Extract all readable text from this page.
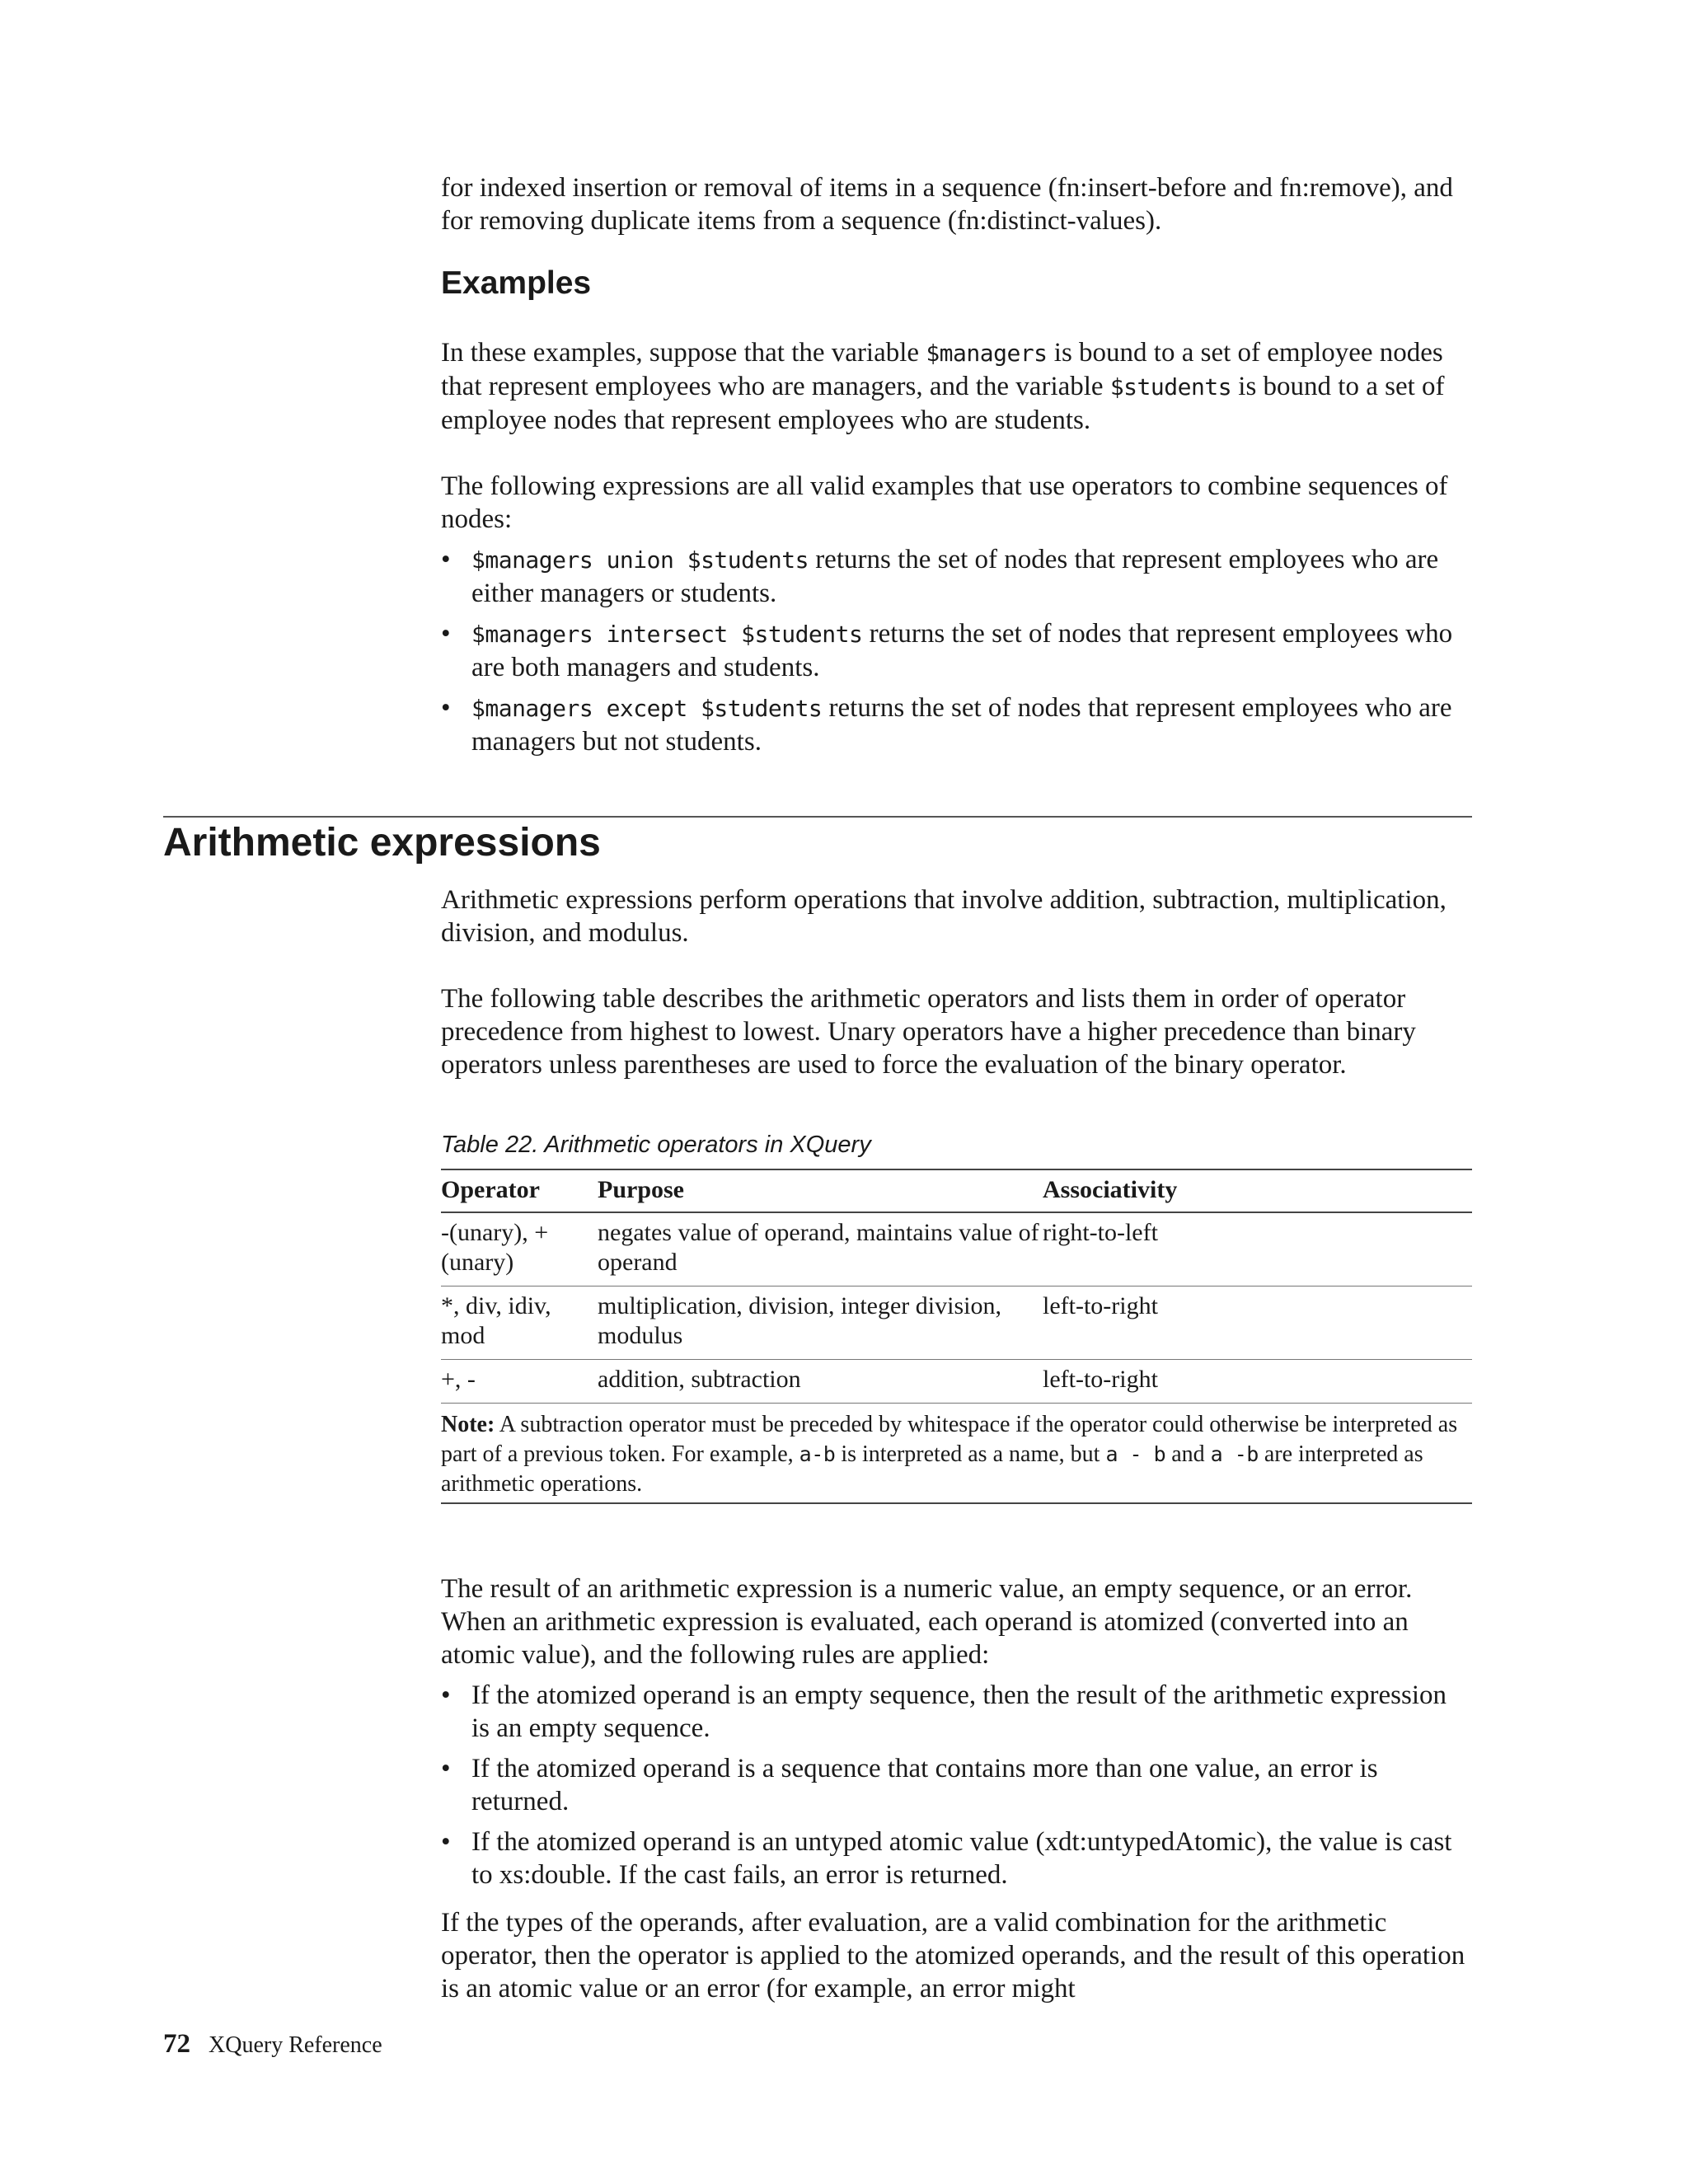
for indexed insertion or removal of items in a sequence (fn:insert-before and fn:remove), and for removing duplicate items from a sequence (fn:distinct-values).

Examples

In these examples, suppose that the variable $managers is bound to a set of employee nodes that represent employees who are managers, and the variable $students is bound to a set of employee nodes that represent employees who are students.

The following expressions are all valid examples that use operators to combine sequences of nodes:

• $managers union $students returns the set of nodes that represent employees who are either managers or students.
• $managers intersect $students returns the set of nodes that represent employees who are both managers and students.
• $managers except $students returns the set of nodes that represent employees who are managers but not students.
Arithmetic expressions

Arithmetic expressions perform operations that involve addition, subtraction, multiplication, division, and modulus.

The following table describes the arithmetic operators and lists them in order of operator precedence from highest to lowest. Unary operators have a higher precedence than binary operators unless parentheses are used to force the evaluation of the binary operator.

Table 22. Arithmetic operators in XQuery

Operator	Purpose	Associativity
-(unary), +(unary)	negates value of operand, maintains value of operand	right-to-left
*, div, idiv, mod	multiplication, division, integer division, modulus	left-to-right
+, -	addition, subtraction	left-to-right
Note: A subtraction operator must be preceded by whitespace if the operator could otherwise be interpreted as part of a previous token. For example, a-b is interpreted as a name, but a - b and a -b are interpreted as arithmetic operations.		

The result of an arithmetic expression is a numeric value, an empty sequence, or an error. When an arithmetic expression is evaluated, each operand is atomized (converted into an atomic value), and the following rules are applied:

• If the atomized operand is an empty sequence, then the result of the arithmetic expression is an empty sequence.
• If the atomized operand is a sequence that contains more than one value, an error is returned.
• If the atomized operand is an untyped atomic value (xdt:untypedAtomic), the value is cast to xs:double. If the cast fails, an error is returned.

If the types of the operands, after evaluation, are a valid combination for the arithmetic operator, then the operator is applied to the atomized operands, and the result of this operation is an atomic value or an error (for example, an error might

72 XQuery Reference
